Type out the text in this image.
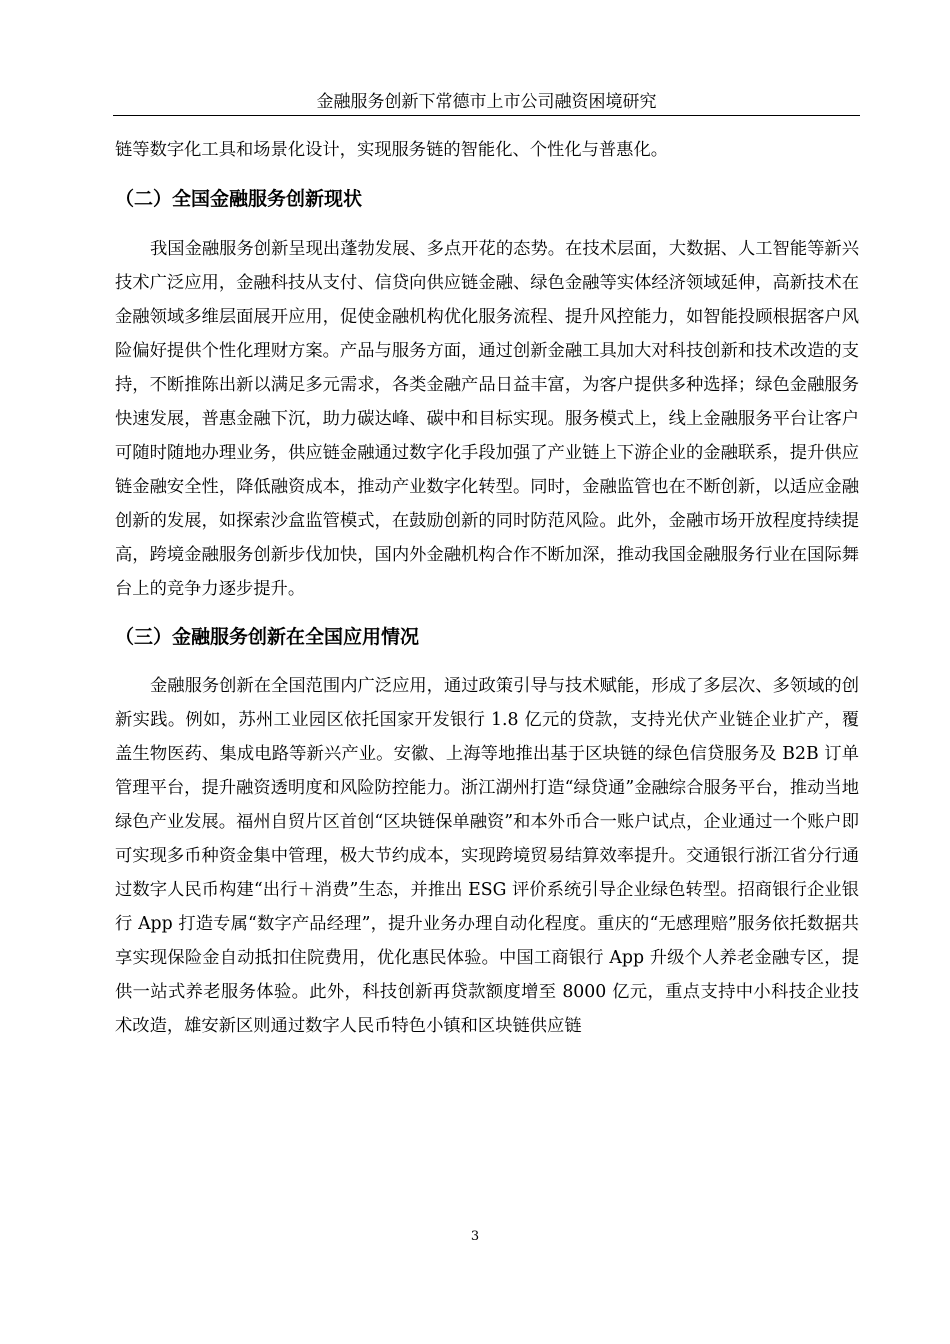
金融服务创新下常德市上市公司融资困境研究

链等数字化工具和场景化设计，实现服务链的智能化、个性化与普惠化。

（二）全国金融服务创新现状

我国金融服务创新呈现出蓬勃发展、多点开花的态势。在技术层面，大数据、人工智能等新兴技术广泛应用，金融科技从支付、信贷向供应链金融、绿色金融等实体经济领域延伸，高新技术在金融领域多维层面展开应用，促使金融机构优化服务流程、提升风控能力，如智能投顾根据客户风险偏好提供个性化理财方案。产品与服务方面，通过创新金融工具加大对科技创新和技术改造的支持，不断推陈出新以满足多元需求，各类金融产品日益丰富，为客户提供多种选择；绿色金融服务快速发展，普惠金融下沉，助力碳达峰、碳中和目标实现。服务模式上，线上金融服务平台让客户可随时随地办理业务，供应链金融通过数字化手段加强了产业链上下游企业的金融联系，提升供应链金融安全性，降低融资成本，推动产业数字化转型。同时，金融监管也在不断创新，以适应金融创新的发展，如探索沙盒监管模式，在鼓励创新的同时防范风险。此外，金融市场开放程度持续提高，跨境金融服务创新步伐加快，国内外金融机构合作不断加深，推动我国金融服务行业在国际舞台上的竞争力逐步提升。

（三）金融服务创新在全国应用情况

金融服务创新在全国范围内广泛应用，通过政策引导与技术赋能，形成了多层次、多领域的创新实践。例如，苏州工业园区依托国家开发银行 1.8 亿元的贷款，支持光伏产业链企业扩产，覆盖生物医药、集成电路等新兴产业。安徽、上海等地推出基于区块链的绿色信贷服务及 B2B 订单管理平台，提升融资透明度和风险防控能力。浙江湖州打造“绿贷通”金融综合服务平台，推动当地绿色产业发展。福州自贸片区首创“区块链保单融资”和本外币合一账户试点，企业通过一个账户即可实现多币种资金集中管理，极大节约成本，实现跨境贸易结算效率提升。交通银行浙江省分行通过数字人民币构建“出行＋消费”生态，并推出 ESG 评价系统引导企业绿色转型。招商银行企业银行 App 打造专属“数字产品经理”，提升业务办理自动化程度。重庆的“无感理赔”服务依托数据共享实现保险金自动抵扣住院费用，优化惠民体验。中国工商银行 App 升级个人养老金融专区，提供一站式养老服务体验。此外，科技创新再贷款额度增至 8000 亿元，重点支持中小科技企业技术改造，雄安新区则通过数字人民币特色小镇和区块链供应链

3
